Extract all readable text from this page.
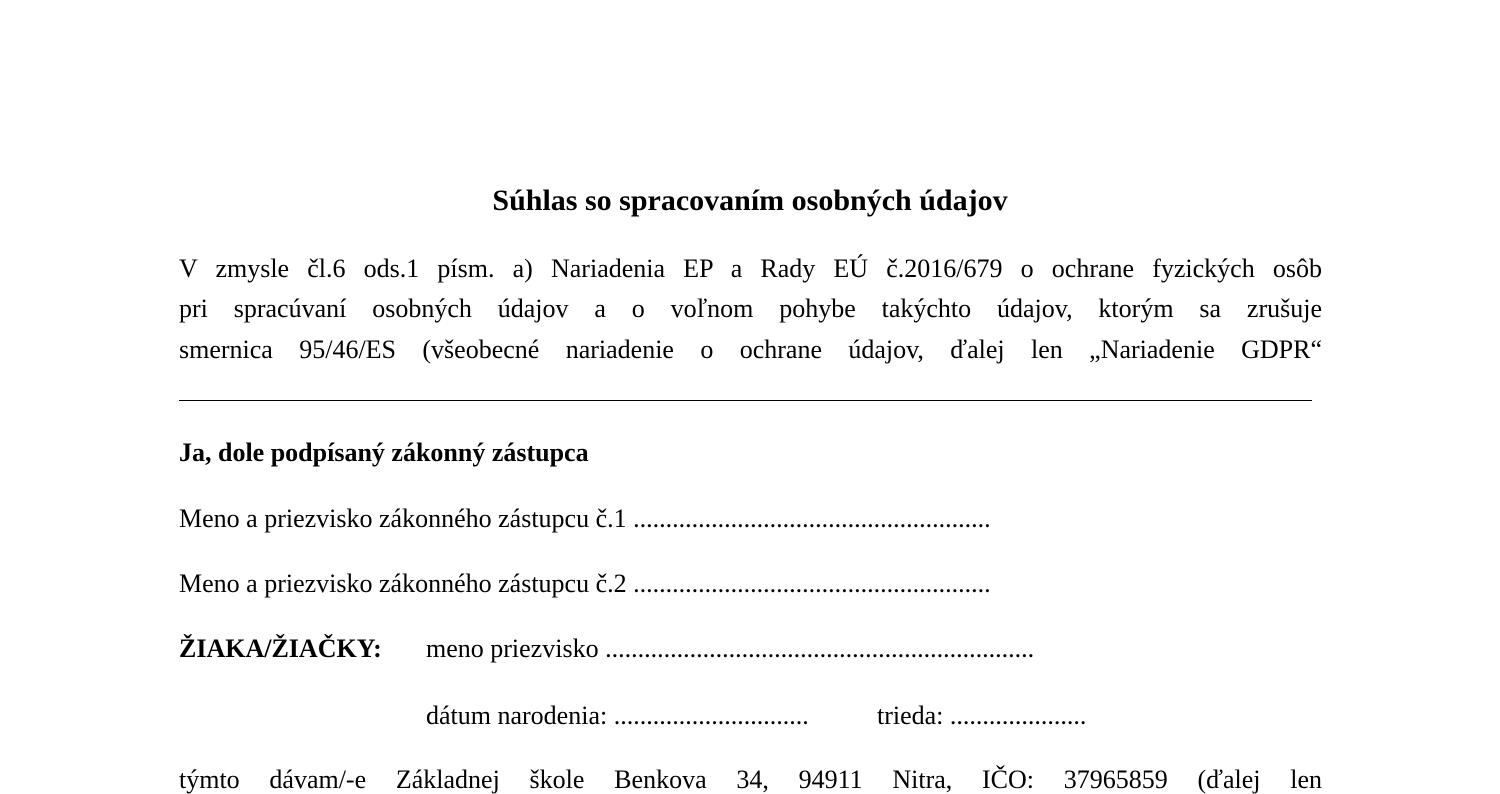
Súhlas so spracovaním osobných údajov
V zmysle čl.6 ods.1 písm. a) Nariadenia EP a Rady EÚ č.2016/679 o ochrane fyzických osôb
pri spracúvaní osobných údajov a o voľnom pohybe takýchto údajov, ktorým sa zrušuje
smernica 95/46/ES (všeobecné nariadenie o ochrane údajov, ďalej len „Nariadenie GDPR“
Ja, dole podpísaný zákonný zástupca
Meno a priezvisko zákonného zástupcu č.1 .......................................................
Meno a priezvisko zákonného zástupcu č.2 .......................................................
ŽIAKA/ŽIAČKY: meno priezvisko ..................................................................
dátum narodenia: ..............................	trieda: .....................
týmto dávam/-e Základnej škole Benkova 34, 94911 Nitra, IČO: 37965859 (ďalej len
